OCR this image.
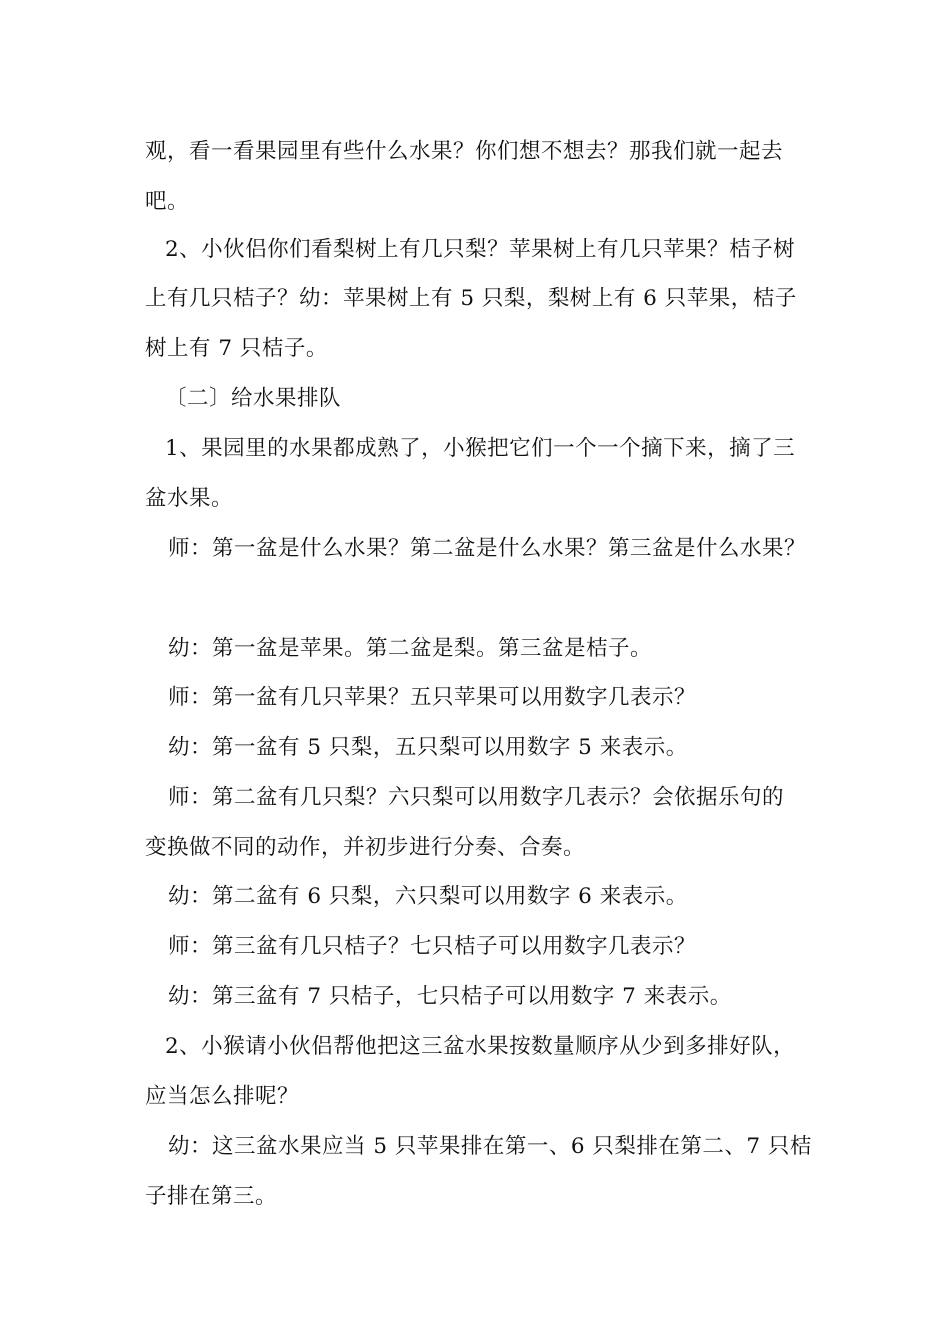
观，看一看果园里有些什么水果？你们想不想去？那我们就一起去
吧。
2、小伙侣你们看梨树上有几只梨？苹果树上有几只苹果？桔子树
上有几只桔子？幼：苹果树上有 5 只梨，梨树上有 6 只苹果，桔子
树上有 7 只桔子。
〔二〕给水果排队
1、果园里的水果都成熟了，小猴把它们一个一个摘下来，摘了三
盆水果。
师：第一盆是什么水果？第二盆是什么水果？第三盆是什么水果？
幼：第一盆是苹果。第二盆是梨。第三盆是桔子。
师：第一盆有几只苹果？五只苹果可以用数字几表示？
幼：第一盆有 5 只梨，五只梨可以用数字 5 来表示。
师：第二盆有几只梨？六只梨可以用数字几表示？会依据乐句的
变换做不同的动作，并初步进行分奏、合奏。
幼：第二盆有 6 只梨，六只梨可以用数字 6 来表示。
师：第三盆有几只桔子？七只桔子可以用数字几表示？
幼：第三盆有 7 只桔子，七只桔子可以用数字 7 来表示。
2、小猴请小伙侣帮他把这三盆水果按数量顺序从少到多排好队，
应当怎么排呢？
幼：这三盆水果应当 5 只苹果排在第一、6 只梨排在第二、7 只桔
子排在第三。
